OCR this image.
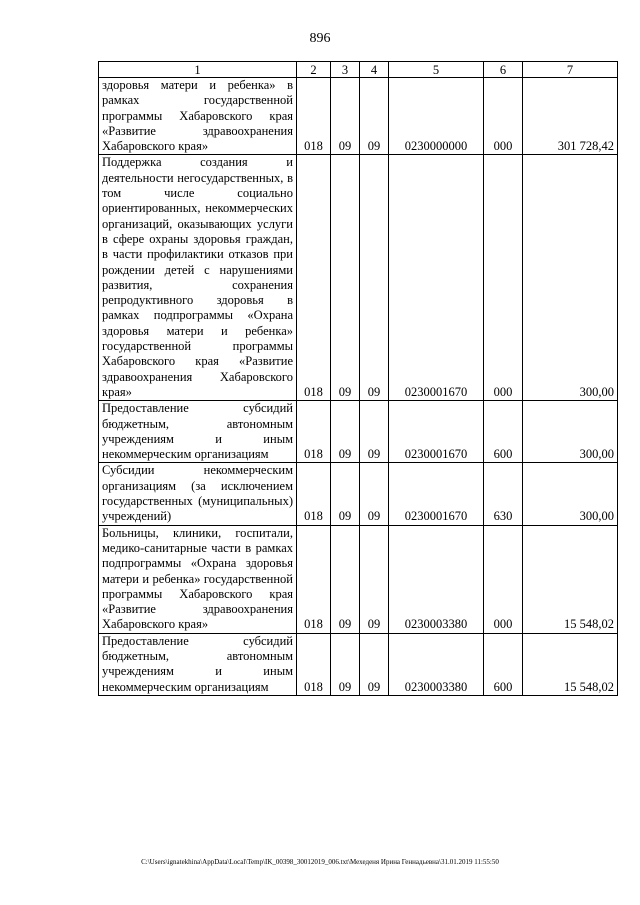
896
1	2	3	4	5	6	7
здоровья матери и ребенка» в рамках государственной программы Хабаровского края «Развитие здравоохранения Хабаровского края»	018	09	09	0230000000	000	301 728,42
Поддержка создания и деятельности негосударственных, в том числе социально ориентированных, некоммерческих организаций, оказывающих услуги в сфере охраны здоровья граждан, в части профилактики отказов при рождении детей с нарушениями развития, сохранения репродуктивного здоровья в рамках подпрограммы «Охрана здоровья матери и ребенка» государственной программы Хабаровского края «Развитие здравоохранения Хабаровского края»	018	09	09	0230001670	000	300,00
Предоставление субсидий бюджетным, автономным учреждениям и иным некоммерческим организациям	018	09	09	0230001670	600	300,00
Субсидии некоммерческим организациям (за исключением государственных (муниципальных) учреждений)	018	09	09	0230001670	630	300,00
Больницы, клиники, госпитали, медико-санитарные части в рамках подпрограммы «Охрана здоровья матери и ребенка» государственной программы Хабаровского края «Развитие здравоохранения Хабаровского края»	018	09	09	0230003380	000	15 548,02
Предоставление субсидий бюджетным, автономным учреждениям и иным некоммерческим организациям	018	09	09	0230003380	600	15 548,02
C:\Users\ignatekhina\AppData\Local\Temp\IK_00398_30012019_006.txt\Мехеденя Ирина Геннадьевна\31.01.2019 11:55:50
